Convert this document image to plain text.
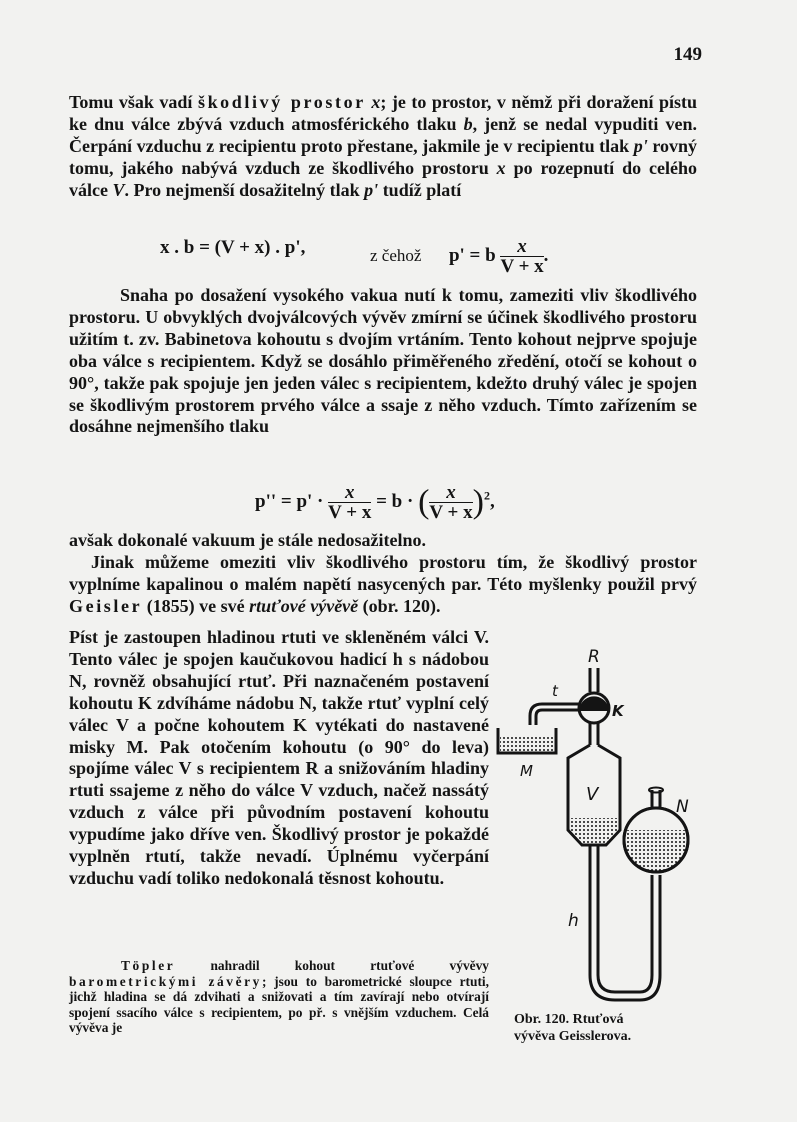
149

Tomu však vadí škodlivý prostor x; je to prostor, v němž při doražení pístu ke dnu válce zbývá vzduch atmosférického tlaku b, jenž se nedal vypuditi ven. Čerpání vzduchu z recipientu proto přestane, jakmile je v recipientu tlak p' rovný tomu, jakého nabývá vzduch ze škodlivého prostoru x po rozepnutí do celého válce V. Pro nejmenší dosažitelný tlak p' tudíž platí

x . b = (V + x) . p',	z čehož p' = b $\frac{x}{V + x}$ .

Snaha po dosažení vysokého vakua nutí k tomu, zameziti vliv škodlivého prostoru. U obvyklých dvojválcových vývěv zmírní se účinek škodlivého prostoru užitím t. zv. Babinetova kohoutu s dvojím vrtáním. Tento kohout nejprve spojuje oba válce s recipientem. Když se dosáhlo přiměřeného zředění, otočí se kohout o 90°, takže pak spojuje jen jeden válec s recipientem, kdežto druhý válec je spojen se škodlivým prostorem prvého válce a ssaje z něho vzduch. Tímto zařízením se dosáhne nejmenšího tlaku

$p'' = p' \cdot \frac{x}{V + x} = b$ · ( $\frac{x}{V + x} )^2$,

avšak dokonalé vakuum je stále nedosažitelno.

Jinak můžeme omeziti vliv škodlivého prostoru tím, že škodlivý prostor vyplníme kapalinou o malém napětí nasycených par. Této myšlenky použil prvý Geisler (1855) ve své rtuťové vývěvě (obr. 120).

Píst je zastoupen hladinou rtuti ve skleněném válci V. Tento válec je spojen kaučukovou hadicí h s nádobou N, rovněž obsahující rtuť. Při naznačeném postavení kohoutu K zdvíháme nádobu N, takže rtuť vyplní celý válec V a počne kohoutem K vytékati do nastavené misky M. Pak otočením kohoutu (o 90° do leva) spojíme válec V s recipientem R a snižováním hladiny rtuti ssajeme z něho do válce V vzduch, načež nassátý vzduch z válce při původním postavení kohoutu vypudíme jako dříve ven. Škodlivý prostor je pokaždé vyplněn rtutí, takže nevadí. Úplnému vyčerpání vzduchu vadí toliko nedokonalá těsnost kohoutu.

Töpler	nahradil kohout rtuťové vývěvy barometrickými závěry; jsou to barometrické sloupce rtuti, jichž hladina se dá zdvihati a snižovati a tím zavírají nebo otvírají spojení ssacího válce s recipientem, po př. s vnějším vzduchem. Celá vývěva je

R
t
K
M
V
N
h

Obr. 120. Rtuťová
vývěva Geisslerova.
